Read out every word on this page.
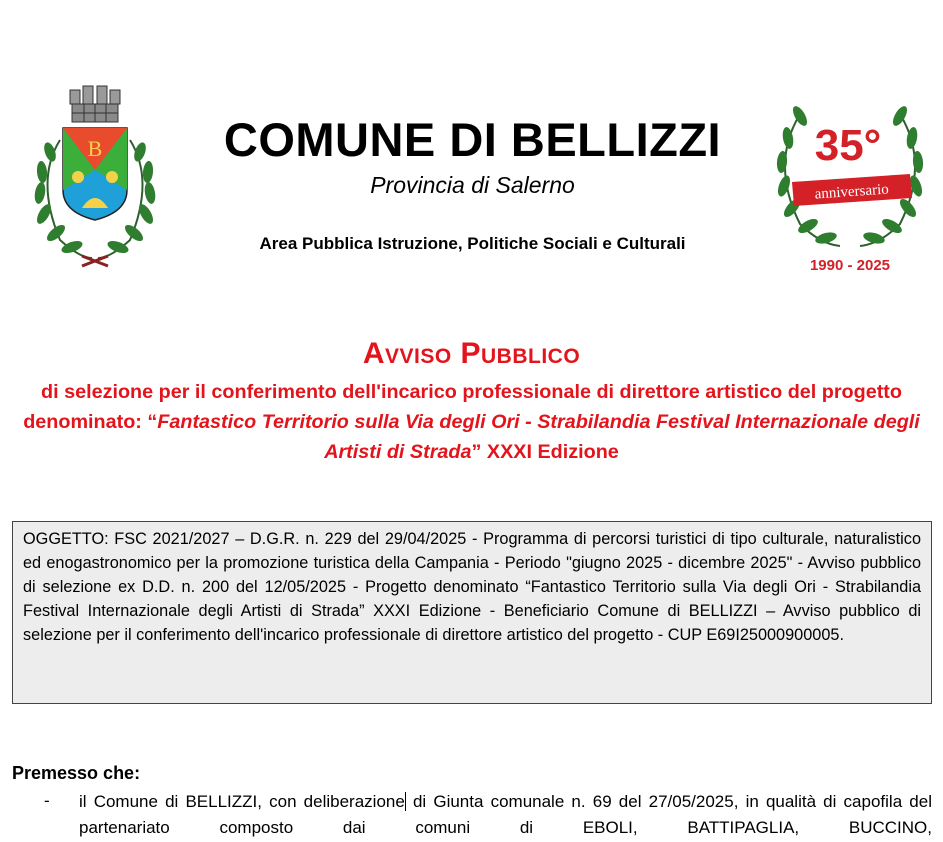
B	COMUNE DI BELLIZZI
Provincia di Salerno
Area Pubblica Istruzione, Politiche Sociali e Culturali
35°
anniversario
1990 - 2025
Avviso Pubblico
di selezione per il conferimento dell'incarico professionale di direttore artistico del progetto denominato: “Fantastico Territorio sulla Via degli Ori - Strabilandia Festival Internazionale degli Artisti di Strada” XXXI Edizione

OGGETTO: FSC 2021/2027 – D.G.R. n. 229 del 29/04/2025 - Programma di percorsi turistici di tipo culturale, naturalistico ed enogastronomico per la promozione turistica della Campania - Periodo "giugno 2025 - dicembre 2025" - Avviso pubblico di selezione ex D.D. n. 200 del 12/05/2025 - Progetto denominato “Fantastico Territorio sulla Via degli Ori - Strabilandia Festival Internazionale degli Artisti di Strada” XXXI Edizione - Beneficiario Comune di BELLIZZI – Avviso pubblico di selezione per il conferimento dell'incarico professionale di direttore artistico del progetto - CUP E69I25000900005.

Premesso che:
- il Comune di BELLIZZI, con deliberazione di Giunta comunale n. 69 del 27/05/2025, in qualità di capofila del partenariato composto dai comuni di EBOLI, BATTIPAGLIA, BUCCINO,
